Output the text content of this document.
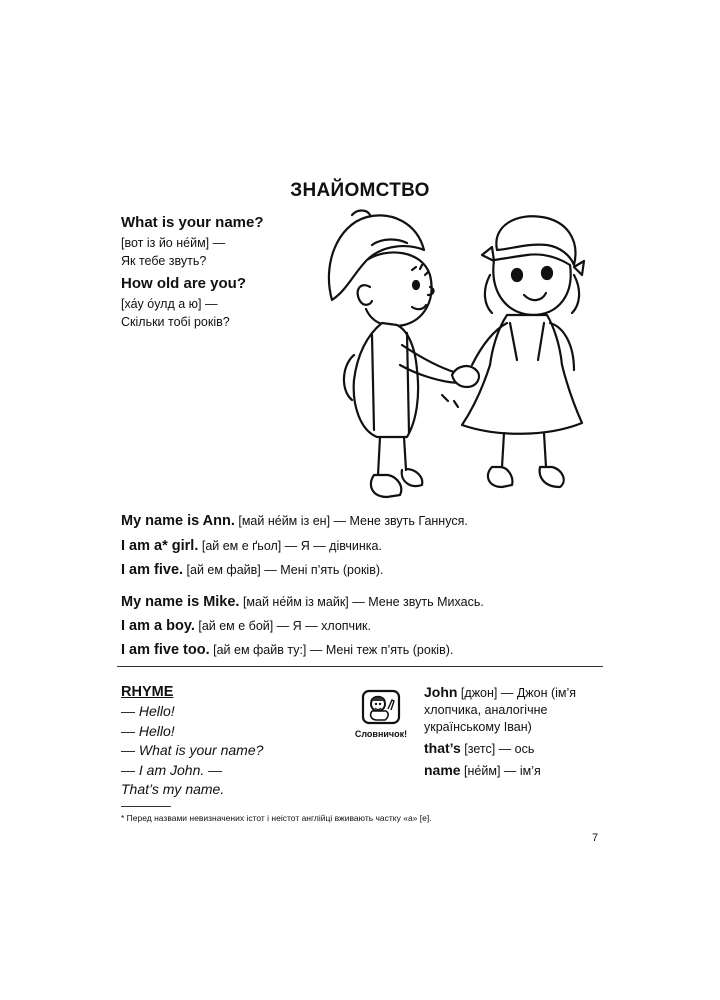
ЗНАЙОМСТВО
What is your name?
[вот із йо не́йм] —
Як тебе звуть?
How old are you?
[ха́у о́улд а ю] —
Скільки тобі років?
My name is Ann. [май не́йм із ен] — Мене звуть Ганнуся.
I am a* girl. [ай ем е ґьол] — Я — дівчинка.
I am five. [ай ем файв] — Мені п’ять (років).
My name is Mike. [май не́йм із майк] — Мене звуть Михась.
I am a boy. [ай ем е бой] — Я — хлопчик.
I am five too. [ай ем файв ту:] — Мені теж п’ять (років).
RHYME
— Hello!
— Hello!
— What is your name?
— I am John. —
That’s my name.
Словничок!
John [джон] — Джон (ім’я хлопчика, аналогічне українському Іван)
that’s [зетс] — ось
name [не́йм] — ім’я
* Перед назвами невизначених істот і неістот англійці вживають частку «a» [е].
7
